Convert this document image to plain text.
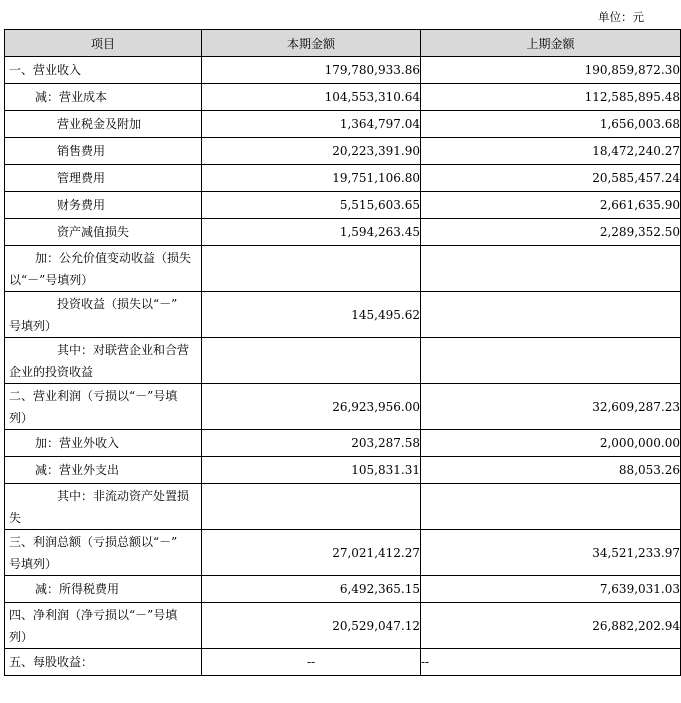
单位：元
项目	本期金额	上期金额
一、营业收入	179,780,933.86	190,859,872.30
减：营业成本	104,553,310.64	112,585,895.48
营业税金及附加	1,364,797.04	1,656,003.68
销售费用	20,223,391.90	18,472,240.27
管理费用	19,751,106.80	20,585,457.24
财务费用	5,515,603.65	2,661,635.90
资产减值损失	1,594,263.45	2,289,352.50

加：公允价值变动收益（损失
以“－”号填列）		

投资收益（损失以“－”
号填列）	145,495.62	

其中：对联营企业和合营
企业的投资收益		

二、营业利润（亏损以“－”号填
列）	26,923,956.00	32,609,287.23
加：营业外收入	203,287.58	2,000,000.00
减：营业外支出	105,831.31	88,053.26

其中：非流动资产处置损
失		

三、利润总额（亏损总额以“－”
号填列）	27,021,412.27	34,521,233.97
减：所得税费用	6,492,365.15	7,639,031.03

四、净利润（净亏损以“－”号填
列）	20,529,047.12	26,882,202.94
五、每股收益：	--	--
